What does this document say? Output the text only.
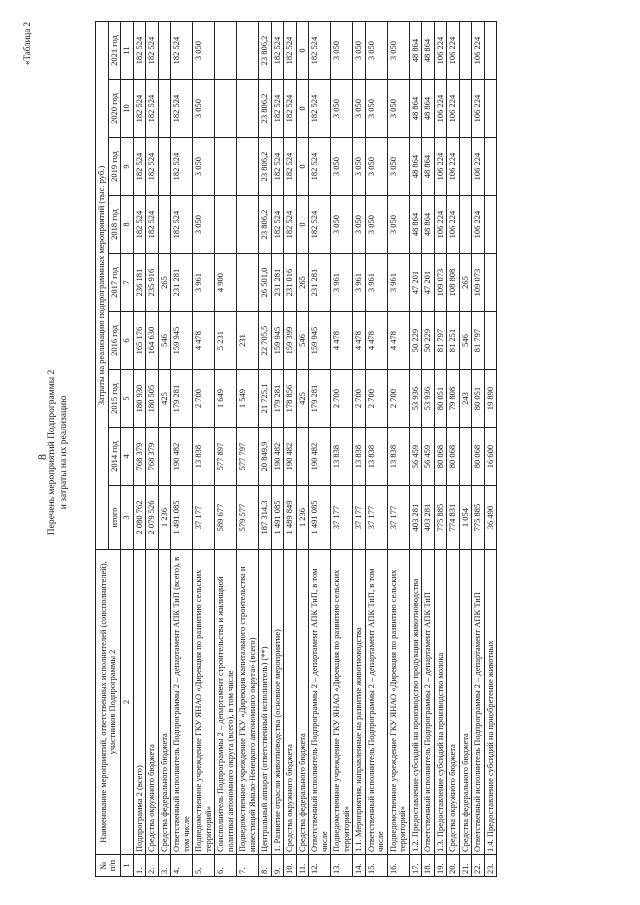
8
«Таблица 2
Перечень мероприятий Подпрограммы 2 и затраты на их реализацию
№ п/п	Наименование мероприятий, ответственных исполнителей (соисполнителей), участников Подпрограммы 2	Затраты на реализацию подпрограммных мероприятий (тыс. руб.)								
		итого	2014 год	2015 год	2016 год	2017 год	2018 год	2019 год	2020 год	2021 год
1	2	3	4	5	6	7	8	9	10	11
1.	Подпрограмма 2 (всего)	2 080 762	768 379	180 930	165 176	236 181	182 524	182 524	182 524	182 524
2.	Средства окружного бюджета	2 079 526	768 379	180 505	164 630	235 916	182 524	182 524	182 524	182 524
3.	Средства федерального бюджета	1 236		425	546	265				
4.	Ответственный исполнитель Подпрограммы 2 – департамент АПК ТиП (всего), в том числе	1 491 085	190 482	179 281	159 945	231 281	182 524	182 524	182 524	182 524
5.	Подведомственное учреждение ГКУ ЯНАО «Дирекция по развитию сельских территорий»	37 177	13 838	2 700	4 478	3 961	3 050	3 050	3 050	3 050
6.	Соисполнитель Подпрограммы 2 – департамент строительства и жилищной политики автономного округа (всего), в том числе	589 677	577 897	1 649	5 231	4 900				
7.	Подведомственное учреждение ГКУ «Дирекция капитального строительства и инвестиций Ямало-Ненецкого автономного округа» (всего)	579 577	577 797	1 549	231					
8.	Центральный аппарат (ответственный исполнитель) (**)	187 314,3	20 849,9	21 725,1	22 705,5	26 501,0	23 806,2	23 806,2	23 806,2	23 806,2
9.	1. Развитие отрасли животноводства (основное мероприятие)	1 491 085	190 482	179 281	159 945	231 281	182 524	182 524	182 524	182 524
10.	Средства окружного бюджета	1 489 849	190 482	178 856	159 399	231 016	182 524	182 524	182 524	182 524
11.	Средства федерального бюджета	1 236		425	546	265	0	0	0	0
12.	Ответственный исполнитель Подпрограммы 2 – департамент АПК ТиП, в том числе	1 491 085	190 482	179 281	159 945	231 281	182 524	182 524	182 524	182 524
13.	Подведомственное учреждение ГКУ ЯНАО «Дирекция по развитию сельских территорий»	37 177	13 838	2 700	4 478	3 961	3 050	3 050	3 050	3 050
14.	1.1. Мероприятия, направленные на развитие животноводства	37 177	13 838	2 700	4 478	3 961	3 050	3 050	3 050	3 050
15.	Ответственный исполнитель Подпрограммы 2 – департамент АПК ТиП, в том числе	37 177	13 838	2 700	4 478	3 961	3 050	3 050	3 050	3 050
16.	Подведомственное учреждение ГКУ ЯНАО «Дирекция по развитию сельских территорий»	37 177	13 838	2 700	4 478	3 961	3 050	3 050	3 050	3 050
17.	1.2. Предоставление субсидий на производство продукции животноводства	403 281	56 459	53 936	50 229	47 201	48 864	48 864	48 864	48 864
18.	Ответственный исполнитель Подпрограммы 2 – департамент АПК ТиП	403 281	56 459	53 936	50 229	47 201	48 864	48 864	48 864	48 864
19.	1.3. Предоставление субсидий на производство молока	775 885	80 068	80 051	81 797	109 073	106 224	106 224	106 224	106 224
20.	Средства окружного бюджета	774 831	80 068	79 808	81 251	108 808	106 224	106 224	106 224	106 224
21.	Средства федерального бюджета	1 054		243	546	265				
22.	Ответственный исполнитель Подпрограммы 2 – департамент АПК ТиП	775 885	80 068	80 051	81 797	109 073	106 224	106 224	106 224	106 224
23.	1.4. Предоставление субсидий на приобретение животных	36 490	16 600	19 890						
